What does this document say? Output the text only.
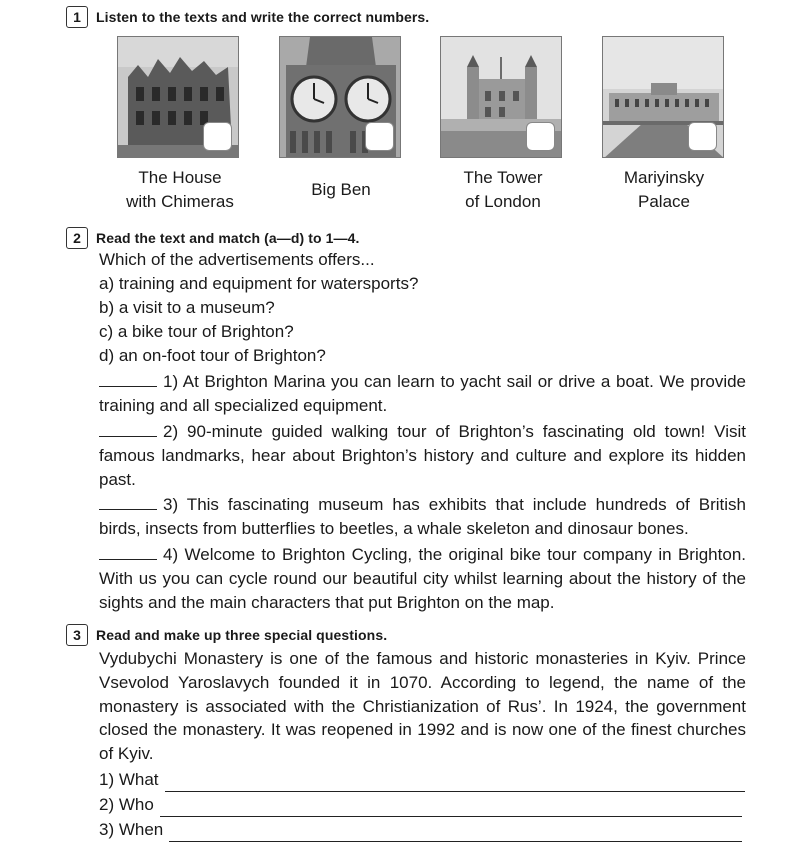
1	Listen to the texts and write the correct numbers.
The House
with Chimeras
Big Ben
The Tower
of London
Mariyinsky
Palace
2	Read the text and match (a—d) to 1—4.
Which of the advertisements offers...
a) training and equipment for watersports?
b) a visit to a museum?
c) a bike tour of Brighton?
d) an on-foot tour of Brighton?
1) At Brighton Marina you can learn to yacht sail or drive a boat. We provide training and all specialized equipment.
2) 90-minute guided walking tour of Brighton’s fascinating old town! Visit famous landmarks, hear about Brighton’s history and culture and explore its hidden past.
3) This fascinating museum has exhibits that include hundreds of British birds, insects from butterflies to beetles, a whale skeleton and dinosaur bones.
4) Welcome to Brighton Cycling, the original bike tour company in Brighton. With us you can cycle round our beautiful city whilst learning about the history of the sights and the main characters that put Brighton on the map.
3	Read and make up three special questions.
Vydubychi Monastery is one of the famous and historic monasteries in Kyiv. Prince Vsevolod Yaroslavych founded it in 1070. According to legend, the name of the monastery is associated with the Christianization of Rus’. In 1924, the government closed the monastery. It was reopened in 1992 and is now one of the finest churches of Kyiv.
1) What
2) Who
3) When
